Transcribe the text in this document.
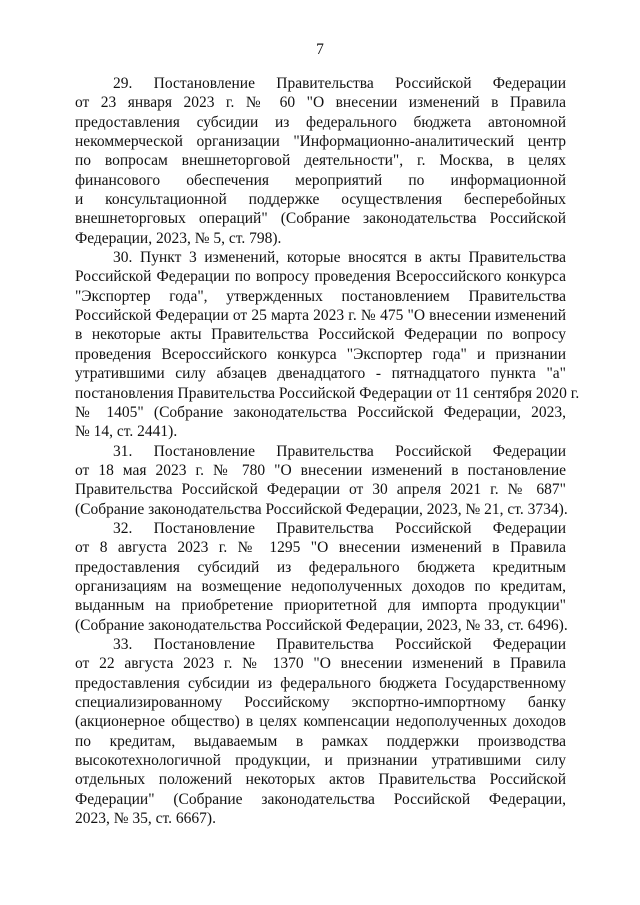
7
29. Постановление Правительства Российской Федерации
от 23 января 2023 г. № 60 "О внесении изменений в Правила
предоставления субсидии из федерального бюджета автономной
некоммерческой организации "Информационно-аналитический центр
по вопросам внешнеторговой деятельности", г. Москва, в целях
финансового обеспечения мероприятий по информационной
и консультационной поддержке осуществления бесперебойных
внешнеторговых операций" (Собрание законодательства Российской
Федерации, 2023, № 5, ст. 798).
30. Пункт 3 изменений, которые вносятся в акты Правительства
Российской Федерации по вопросу проведения Всероссийского конкурса
"Экспортер года", утвержденных постановлением Правительства
Российской Федерации от 25 марта 2023 г. № 475 "О внесении изменений
в некоторые акты Правительства Российской Федерации по вопросу
проведения Всероссийского конкурса "Экспортер года" и признании
утратившими силу абзацев двенадцатого - пятнадцатого пункта "а"
постановления Правительства Российской Федерации от 11 сентября 2020 г.
№ 1405" (Собрание законодательства Российской Федерации, 2023,
№ 14, ст. 2441).
31. Постановление Правительства Российской Федерации
от 18 мая 2023 г. № 780 "О внесении изменений в постановление
Правительства Российской Федерации от 30 апреля 2021 г. № 687"
(Собрание законодательства Российской Федерации, 2023, № 21, ст. 3734).
32. Постановление Правительства Российской Федерации
от 8 августа 2023 г. № 1295 "О внесении изменений в Правила
предоставления субсидий из федерального бюджета кредитным
организациям на возмещение недополученных доходов по кредитам,
выданным на приобретение приоритетной для импорта продукции"
(Собрание законодательства Российской Федерации, 2023, № 33, ст. 6496).
33. Постановление Правительства Российской Федерации
от 22 августа 2023 г. № 1370 "О внесении изменений в Правила
предоставления субсидии из федерального бюджета Государственному
специализированному Российскому экспортно-импортному банку
(акционерное общество) в целях компенсации недополученных доходов
по кредитам, выдаваемым в рамках поддержки производства
высокотехнологичной продукции, и признании утратившими силу
отдельных положений некоторых актов Правительства Российской
Федерации" (Собрание законодательства Российской Федерации,
2023, № 35, ст. 6667).
